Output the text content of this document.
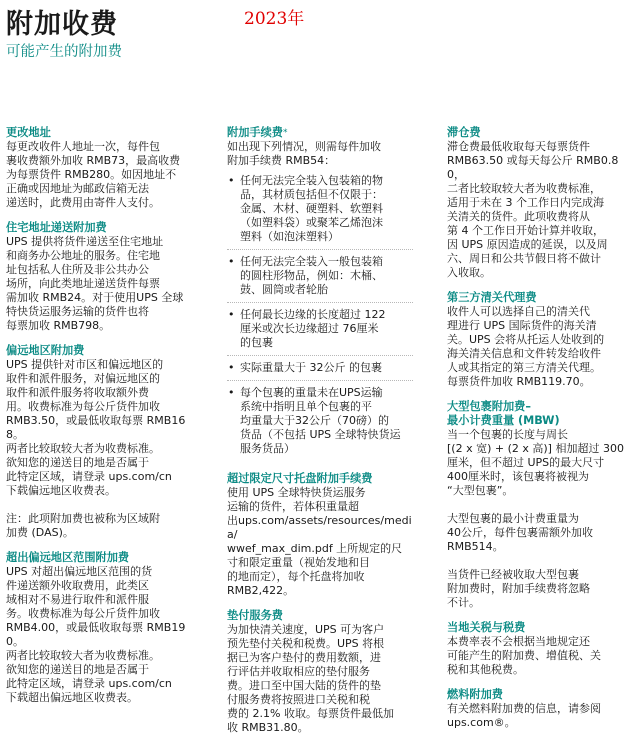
附加收费	2023年
可能产生的附加费
更改地址
每更改收件人地址一次，每件包
裹收费额外加收 RMB73，最高收费
为每票货件 RMB280。如因地址不
正确或因地址为邮政信箱无法
递送时，此费用由寄件人支付。
住宅地址递送附加费
UPS 提供将货件递送至住宅地址
和商务办公地址的服务。住宅地
址包括私人住所及非公共办公
场所，向此类地址递送货件每票
需加收 RMB24。对于使用UPS 全球
特快货运服务运输的货件也将
每票加收 RMB798。
偏远地区附加费
UPS 提供针对市区和偏远地区的
取件和派件服务，对偏远地区的
取件和派件服务将收取额外费
用。收费标准为每公斤货件加收
RMB3.50，或最低收取每票 RMB168。
两者比较取较大者为收费标准。
欲知您的递送目的地是否属于
此特定区域，请登录 ups.com/cn
下载偏远地区收费表。
注：此项附加费也被称为区域附
加费 (DAS)。
超出偏远地区范围附加费
UPS 对超出偏远地区范围的货
件递送额外收取费用，此类区
域相对不易进行取件和派件服
务。收费标准为每公斤货件加收
RMB4.00，或最低收取每票 RMB190。
两者比较取较大者为收费标准。
欲知您的递送目的地是否属于
此特定区域，请登录 ups.com/cn
下载超出偏远地区收费表。
附加手续费*
如出现下列情况，则需每件加收
附加手续费 RMB54：
• 任何无法完全装入包装箱的物
品，其材质包括但不仅限于：
金属、木材、硬塑料、软塑料
（如塑料袋）或聚苯乙烯泡沫
塑料（如泡沫塑料）
• 任何无法完全装入一般包装箱
的圆柱形物品，例如：木桶、
鼓、圆筒或者轮胎
• 任何最长边缘的长度超过 122
厘米或次长边缘超过 76厘米
的包裹
• 实际重量大于 32公斤 的包裹
• 每个包裹的重量未在UPS运输
系统中指明且单个包裹的平
均重量大于32公斤（70磅）的
货品（不包括 UPS 全球特快货运
服务货品）
超过限定尺寸托盘附加手续费
使用 UPS 全球特快货运服务
运输的货件，若体积重量超
出ups.com/assets/resources/media/
wwef_max_dim.pdf 上所规定的尺
寸和限定重量（视始发地和目
的地而定），每个托盘将加收
RMB2,422。
垫付服务费
为加快清关速度，UPS 可为客户
预先垫付关税和税费。UPS 将根
据已为客户垫付的费用数额，进
行评估并收取相应的垫付服务
费。进口至中国大陆的货件的垫
付服务费将按照进口关税和税
费的 2.1% 收取。每票货件最低加
收 RMB31.80。
滞仓费
滞仓费最低收取每天每票货件
RMB63.50 或每天每公斤 RMB0.80，
二者比较取较大者为收费标准，
适用于未在 3 个工作日内完成海
关清关的货件。此项收费将从
第 4 个工作日开始计算并收取，
因 UPS 原因造成的延误，以及周
六、周日和公共节假日将不做计
入收取。
第三方清关代理费
收件人可以选择自己的清关代
理进行 UPS 国际货件的海关清
关。UPS 会将从托运人处收到的
海关清关信息和文件转发给收件
人或其指定的第三方清关代理。
每票货件加收 RMB119.70。
大型包裹附加费–
最小计费重量 (MBW)
当一个包裹的长度与周长
[(2 x 宽) + (2 x 高)] 相加超过 300
厘米，但不超过 UPS的最大尺寸
400厘米时，该包裹将被视为
“大型包裹”。
大型包裹的最小计费重量为
40公斤，每件包裹需额外加收
RMB514。
当货件已经被收取大型包裹
附加费时，附加手续费将忽略
不计。
当地关税与税费
本费率表不会根据当地规定还
可能产生的附加费、增值税、关
税和其他税费。
燃料附加费
有关燃料附加费的信息，请参阅
ups.com®。
